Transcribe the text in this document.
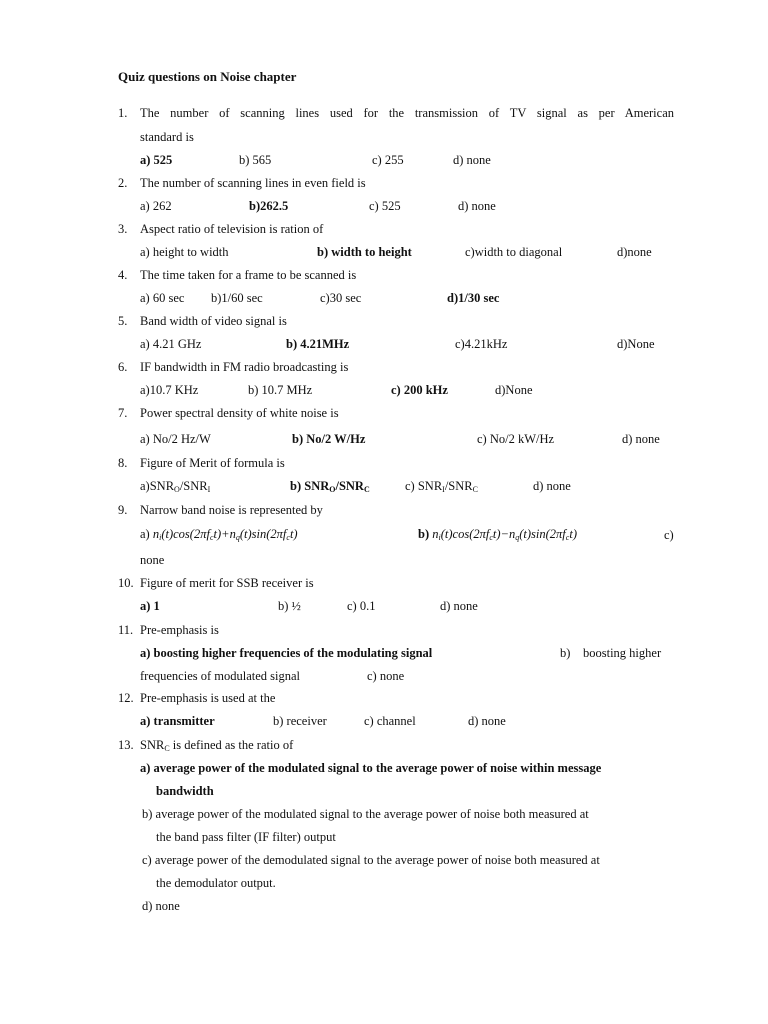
Quiz questions on Noise chapter
1. The number of scanning lines used for the transmission of TV signal as per American
standard is
a) 525	b) 565	c) 255	d) none
2. The number of scanning lines in even field is
a) 262	b)262.5	c) 525	d) none
3. Aspect ratio of television is ration of
a) height to width	b) width to height	c)width to diagonal	d)none
4. The time taken for a frame to be scanned is
a) 60 sec b)1/60 sec	c)30 sec	d)1/30 sec
5. Band width of video signal is
a) 4.21 GHz	b) 4.21MHz	c)4.21kHz	d)None
6. IF bandwidth in FM radio broadcasting is
a)10.7 KHz	b) 10.7 MHz	c) 200 kHz	d)None
7. Power spectral density of white noise is
a) No/2 Hz/W	b) No/2 W/Hz	c) No/2 kW/Hz	d) none
8. Figure of Merit of formula is
$a)SNR_O/SNR_I$	b) $SNR_O/SNR_C$	c) $SNR_I/SNR_C$	d) none
9. Narrow band noise is represented by
a) $n_i(t)\cos(2\pi f_ct)+n_q(t)\sin(2\pi f_ct)$	b) $n_i(t)\cos(2\pi f_ct)-n_q(t)\sin(2\pi f_ct)$	c)
none
10. Figure of merit for SSB receiver is
a) 1	b) ½	c) 0.1	d) none
11. Pre-emphasis is
a) boosting higher frequencies of the modulating signal	b) boosting higher
frequencies of modulated signal	c) none
12. Pre-emphasis is used at the
a) transmitter	b) receiver	c) channel	d) none
13. $SNR_C$ is defined as the ratio of
a) average power of the modulated signal to the average power of noise within message
bandwidth
b) average power of the modulated signal to the average power of noise both measured at
the band pass filter (IF filter) output
c) average power of the demodulated signal to the average power of noise both measured at
the demodulator output.
d) none
